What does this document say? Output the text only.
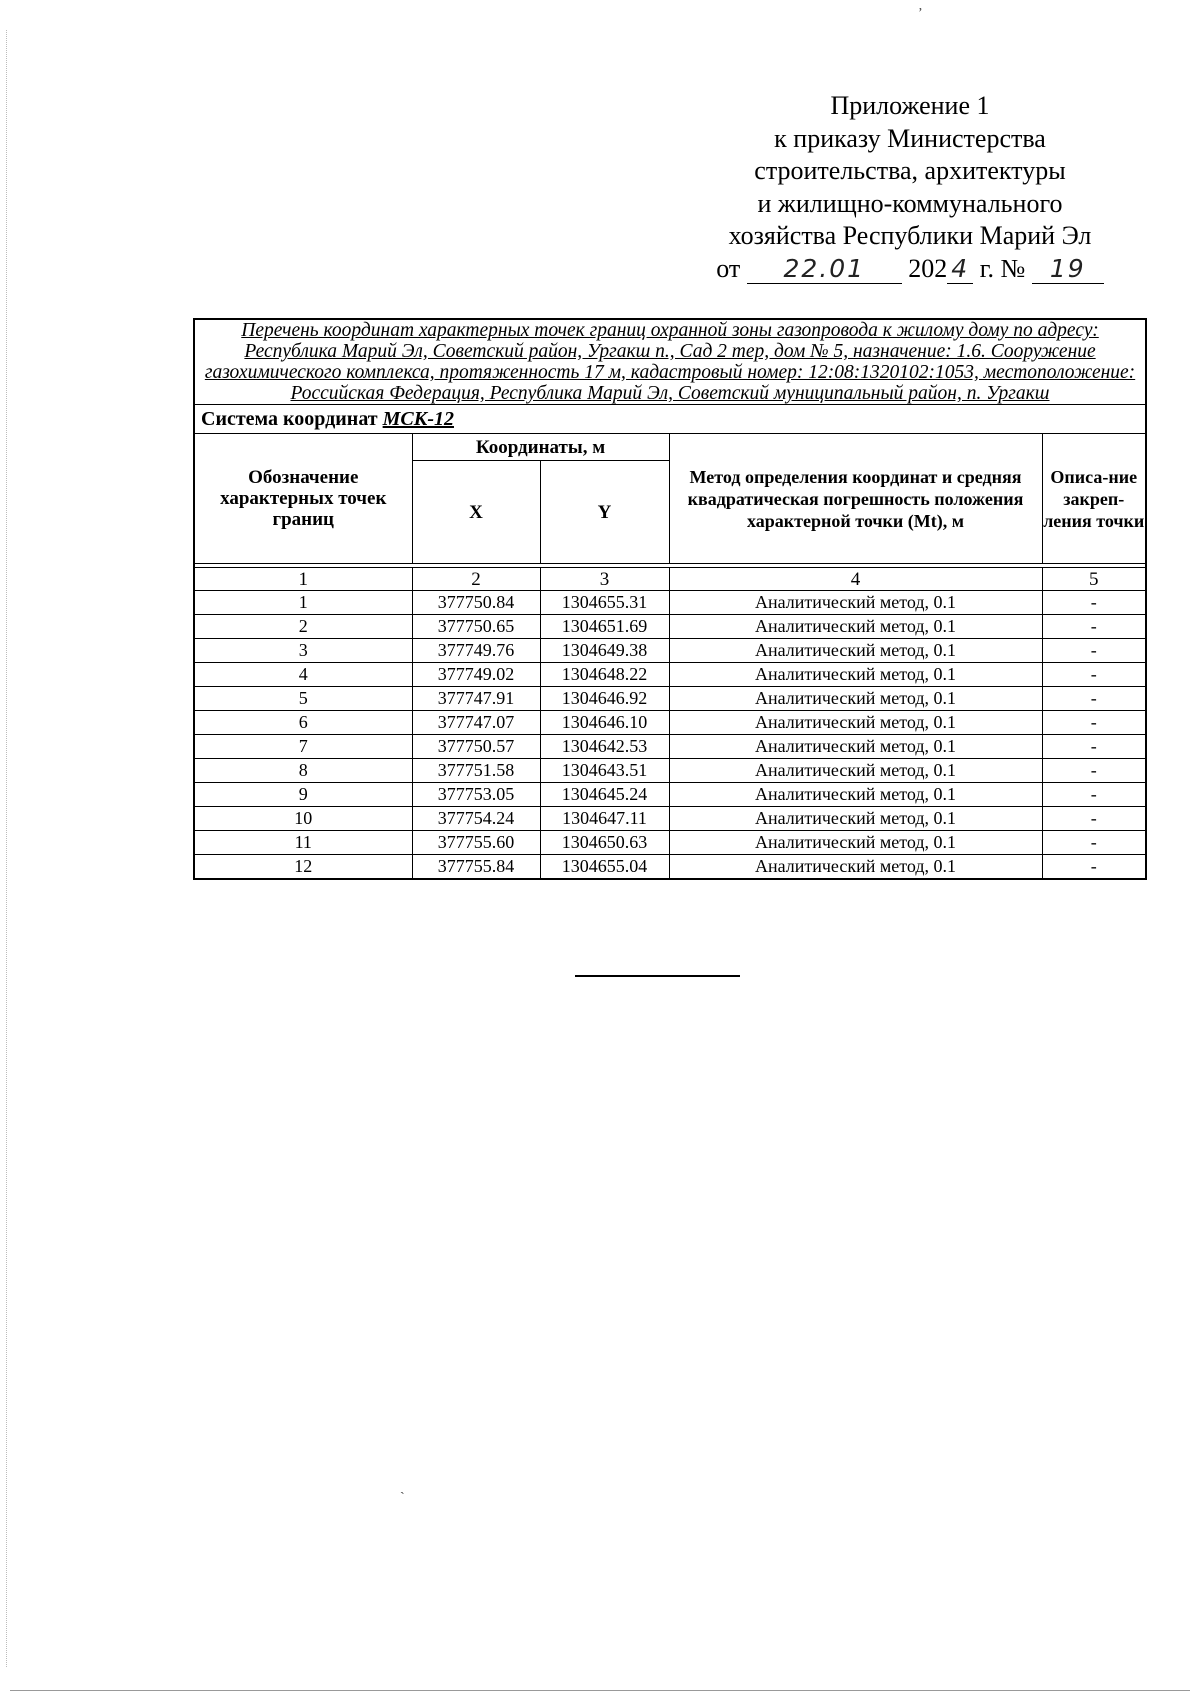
Приложение 1
к приказу Министерства
строительства, архитектуры
и жилищно-коммунального
хозяйства Республики Марий Эл
от 22.01 202 4 г. № 19
Перечень координат характерных точек границ охранной зоны газопровода к жилому дому по адресу: Республика Марий Эл, Советский район, Ургакш п., Сад 2 тер, дом № 5, назначение: 1.6. Сооружение газохимического комплекса, протяженность 17 м, кадастровый номер: 12:08:1320102:1053, местоположение: Российская Федерация, Республика Марий Эл, Советский муниципальный район, п. Ургакш				
Система координат МСК-12				
Обозначение характерных точек границ	Координаты, м		Метод определения координат и средняя квадратическая погрешность положения характерной точки (Mt), м	Описа-ние закреп-ления точки
	X	Y		

1	2	3	4	5
1	377750.84	1304655.31	Аналитический метод, 0.1	-
2	377750.65	1304651.69	Аналитический метод, 0.1	-
3	377749.76	1304649.38	Аналитический метод, 0.1	-
4	377749.02	1304648.22	Аналитический метод, 0.1	-
5	377747.91	1304646.92	Аналитический метод, 0.1	-
6	377747.07	1304646.10	Аналитический метод, 0.1	-
7	377750.57	1304642.53	Аналитический метод, 0.1	-
8	377751.58	1304643.51	Аналитический метод, 0.1	-
9	377753.05	1304645.24	Аналитический метод, 0.1	-
10	377754.24	1304647.11	Аналитический метод, 0.1	-
11	377755.60	1304650.63	Аналитический метод, 0.1	-
12	377755.84	1304655.04	Аналитический метод, 0.1	-
ʼ
ˏ
